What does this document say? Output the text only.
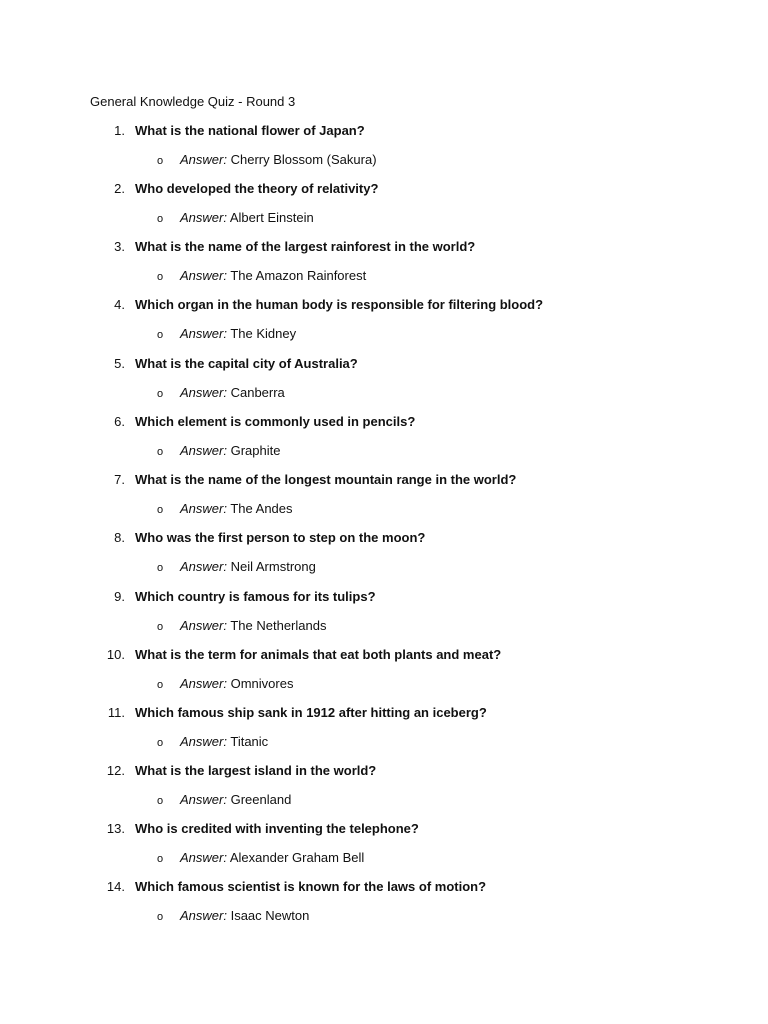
General Knowledge Quiz - Round 3
1. What is the national flower of Japan?
o Answer: Cherry Blossom (Sakura)
2. Who developed the theory of relativity?
o Answer: Albert Einstein
3. What is the name of the largest rainforest in the world?
o Answer: The Amazon Rainforest
4. Which organ in the human body is responsible for filtering blood?
o Answer: The Kidney
5. What is the capital city of Australia?
o Answer: Canberra
6. Which element is commonly used in pencils?
o Answer: Graphite
7. What is the name of the longest mountain range in the world?
o Answer: The Andes
8. Who was the first person to step on the moon?
o Answer: Neil Armstrong
9. Which country is famous for its tulips?
o Answer: The Netherlands
10. What is the term for animals that eat both plants and meat?
o Answer: Omnivores
11. Which famous ship sank in 1912 after hitting an iceberg?
o Answer: Titanic
12. What is the largest island in the world?
o Answer: Greenland
13. Who is credited with inventing the telephone?
o Answer: Alexander Graham Bell
14. Which famous scientist is known for the laws of motion?
o Answer: Isaac Newton
